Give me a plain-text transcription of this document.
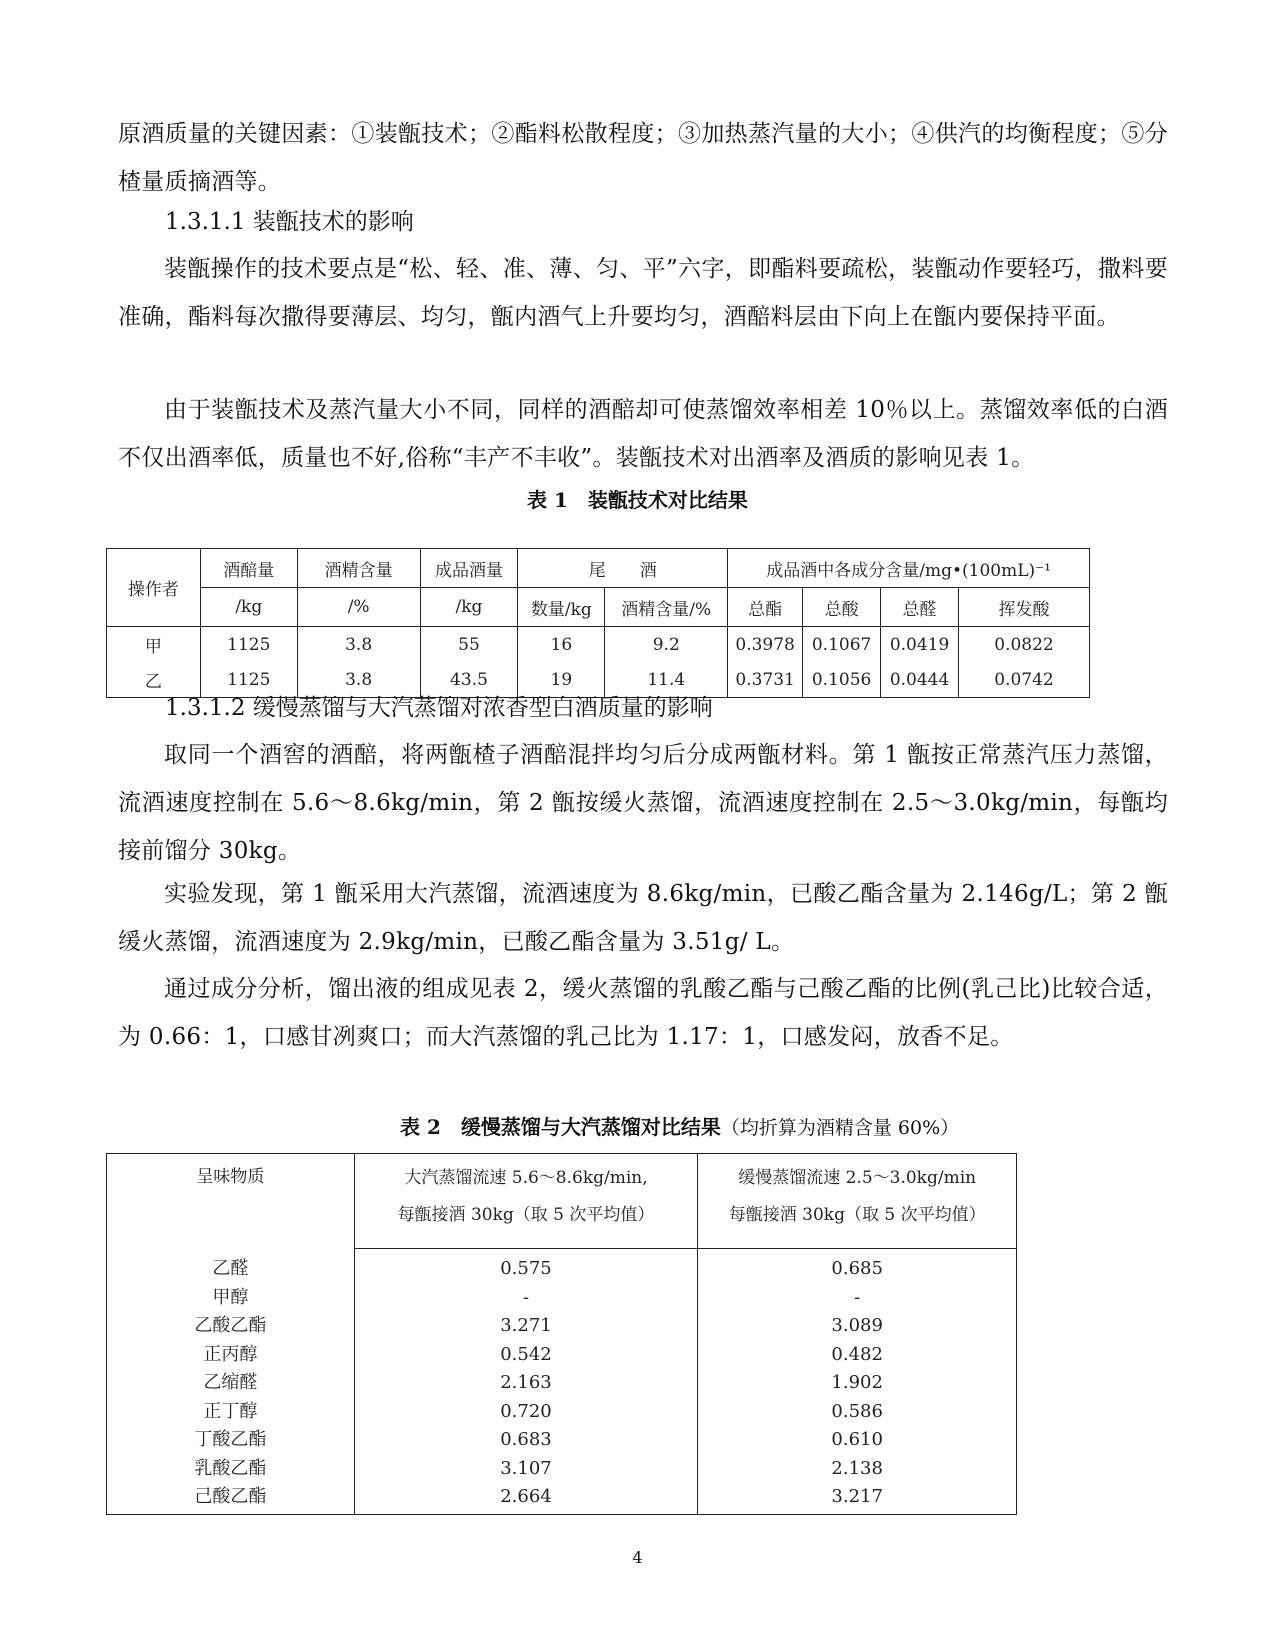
原酒质量的关键因素：①装甑技术；②酯料松散程度；③加热蒸汽量的大小；④供汽的均衡程度；⑤分楂量质摘酒等。

1.3.1.1 装甑技术的影响

装甑操作的技术要点是“松、轻、准、薄、匀、平”六字，即酯料要疏松，装甑动作要轻巧，撒料要准确，酯料每次撒得要薄层、均匀，甑内酒气上升要均匀，酒醅料层由下向上在甑内要保持平面。

由于装甑技术及蒸汽量大小不同，同样的酒醅却可使蒸馏效率相差 10％以上。蒸馏效率低的白酒不仅出酒率低，质量也不好,俗称“丰产不丰收”。装甑技术对出酒率及酒质的影响见表 1。

表 1　装甑技术对比结果

操作者	酒醅量	酒精含量	成品酒量	尾　　酒		成品酒中各成分含量/mg•(100mL)⁻¹			
	/kg	/%	/kg	数量/kg	酒精含量/%	总酯	总酸	总醛	挥发酸
甲	1125	3.8	55	16	9.2	0.3978	0.1067	0.0419	0.0822
乙	1125	3.8	43.5	19	11.4	0.3731	0.1056	0.0444	0.0742

1.3.1.2 缓慢蒸馏与大汽蒸馏对浓香型白酒质量的影响

取同一个酒窖的酒醅，将两甑楂子酒醅混拌均匀后分成两甑材料。第 1 甑按正常蒸汽压力蒸馏，流酒速度控制在 5.6～8.6kg/min，第 2 甑按缓火蒸馏，流酒速度控制在 2.5～3.0kg/min，每甑均接前馏分 30kg。

实验发现，第 1 甑采用大汽蒸馏，流酒速度为 8.6kg/min，已酸乙酯含量为 2.146g/L；第 2 甑缓火蒸馏，流酒速度为 2.9kg/min，已酸乙酯含量为 3.51g/ L。

通过成分分析，馏出液的组成见表 2，缓火蒸馏的乳酸乙酯与己酸乙酯的比例(乳己比)比较合适，为 0.66：1，口感甘冽爽口；而大汽蒸馏的乳己比为 1.17：1，口感发闷，放香不足。

表 2　缓慢蒸馏与大汽蒸馏对比结果（均折算为酒精含量 60%）

呈味物质	大汽蒸馏流速 5.6～8.6kg/min,	缓慢蒸馏流速 2.5～3.0kg/min
	每甑接酒 30kg（取 5 次平均值）	每甑接酒 30kg（取 5 次平均值）
乙醛	0.575	0.685
甲醇	-	-
乙酸乙酯	3.271	3.089
正丙醇	0.542	0.482
乙缩醛	2.163	1.902
正丁醇	0.720	0.586
丁酸乙酯	0.683	0.610
乳酸乙酯	3.107	2.138
己酸乙酯	2.664	3.217
4
